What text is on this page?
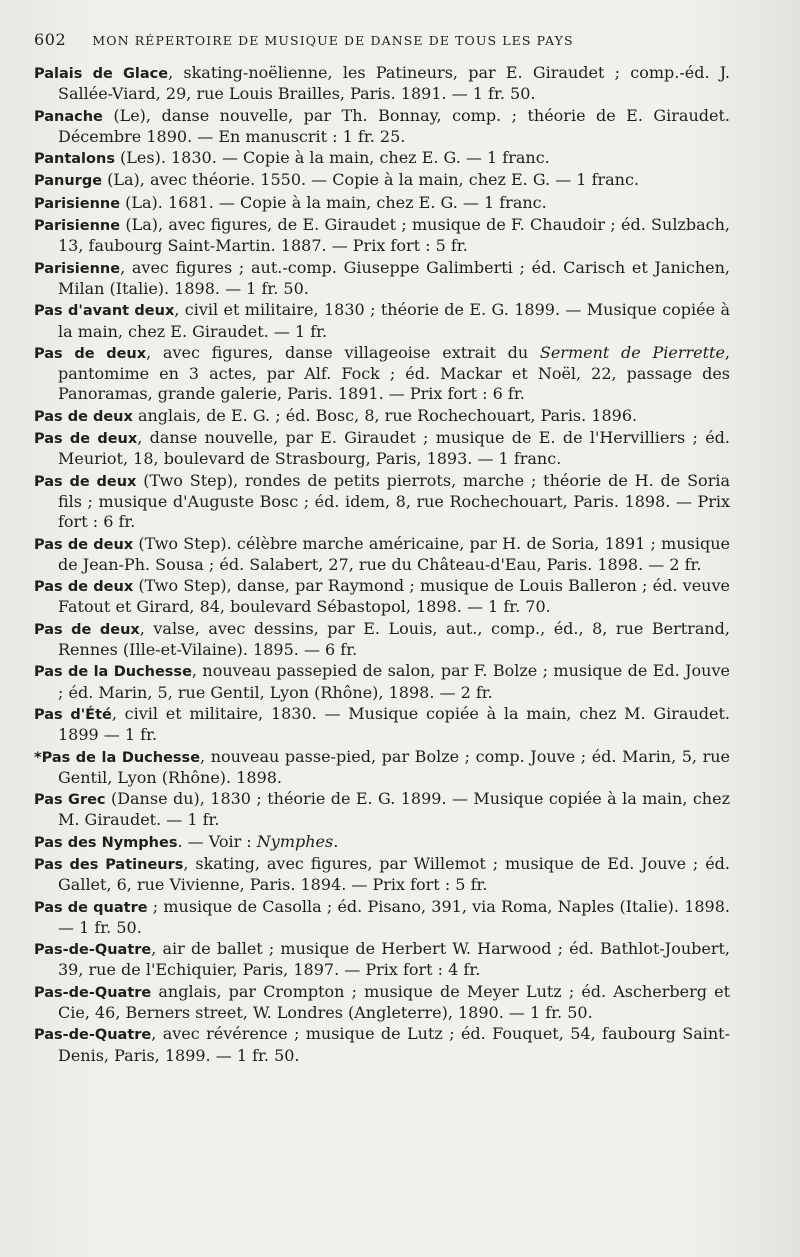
602 MON RÉPERTOIRE DE MUSIQUE DE DANSE DE TOUS LES PAYS

Palais de Glace, skating-noëlienne, les Patineurs, par E. Giraudet ; comp.-éd. J. Sallée-Viard, 29, rue Louis Brailles, Paris. 1891. — 1 fr. 50.

Panache (Le), danse nouvelle, par Th. Bonnay, comp. ; théorie de E. Giraudet. Décembre 1890. — En manuscrit : 1 fr. 25.

Pantalons (Les). 1830. — Copie à la main, chez E. G. — 1 franc.

Panurge (La), avec théorie. 1550. — Copie à la main, chez E. G. — 1 franc.

Parisienne (La). 1681. — Copie à la main, chez E. G. — 1 franc.

Parisienne (La), avec figures, de E. Giraudet ; musique de F. Chaudoir ; éd. Sulzbach, 13, faubourg Saint-Martin. 1887. — Prix fort : 5 fr.

Parisienne, avec figures ; aut.-comp. Giuseppe Galimberti ; éd. Carisch et Janichen, Milan (Italie). 1898. — 1 fr. 50.

Pas d'avant deux, civil et militaire, 1830 ; théorie de E. G. 1899. — Musique copiée à la main, chez E. Giraudet. — 1 fr.

Pas de deux, avec figures, danse villageoise extrait du Serment de Pierrette, pantomime en 3 actes, par Alf. Fock ; éd. Mackar et Noël, 22, passage des Panoramas, grande galerie, Paris. 1891. — Prix fort : 6 fr.

Pas de deux anglais, de E. G. ; éd. Bosc, 8, rue Rochechouart, Paris. 1896.

Pas de deux, danse nouvelle, par E. Giraudet ; musique de E. de l'Hervilliers ; éd. Meuriot, 18, boulevard de Strasbourg, Paris, 1893. — 1 franc.

Pas de deux (Two Step), rondes de petits pierrots, marche ; théorie de H. de Soria fils ; musique d'Auguste Bosc ; éd. idem, 8, rue Rochechouart, Paris. 1898. — Prix fort : 6 fr.

Pas de deux (Two Step). célèbre marche américaine, par H. de Soria, 1891 ; musique de Jean-Ph. Sousa ; éd. Salabert, 27, rue du Château-d'Eau, Paris. 1898. — 2 fr.

Pas de deux (Two Step), danse, par Raymond ; musique de Louis Balleron ; éd. veuve Fatout et Girard, 84, boulevard Sébastopol, 1898. — 1 fr. 70.

Pas de deux, valse, avec dessins, par E. Louis, aut., comp., éd., 8, rue Bertrand, Rennes (Ille-et-Vilaine). 1895. — 6 fr.

Pas de la Duchesse, nouveau passepied de salon, par F. Bolze ; musique de Ed. Jouve ; éd. Marin, 5, rue Gentil, Lyon (Rhône), 1898. — 2 fr.

Pas d'Été, civil et militaire, 1830. — Musique copiée à la main, chez M. Giraudet. 1899 — 1 fr.

*Pas de la Duchesse, nouveau passe-pied, par Bolze ; comp. Jouve ; éd. Marin, 5, rue Gentil, Lyon (Rhône). 1898.

Pas Grec (Danse du), 1830 ; théorie de E. G. 1899. — Musique copiée à la main, chez M. Giraudet. — 1 fr.

Pas des Nymphes. — Voir : Nymphes.

Pas des Patineurs, skating, avec figures, par Willemot ; musique de Ed. Jouve ; éd. Gallet, 6, rue Vivienne, Paris. 1894. — Prix fort : 5 fr.

Pas de quatre ; musique de Casolla ; éd. Pisano, 391, via Roma, Naples (Italie). 1898. — 1 fr. 50.

Pas-de-Quatre, air de ballet ; musique de Herbert W. Harwood ; éd. Bathlot-Joubert, 39, rue de l'Echiquier, Paris, 1897. — Prix fort : 4 fr.

Pas-de-Quatre anglais, par Crompton ; musique de Meyer Lutz ; éd. Ascherberg et Cie, 46, Berners street, W. Londres (Angleterre), 1890. — 1 fr. 50.

Pas-de-Quatre, avec révérence ; musique de Lutz ; éd. Fouquet, 54, faubourg Saint-Denis, Paris, 1899. — 1 fr. 50.
